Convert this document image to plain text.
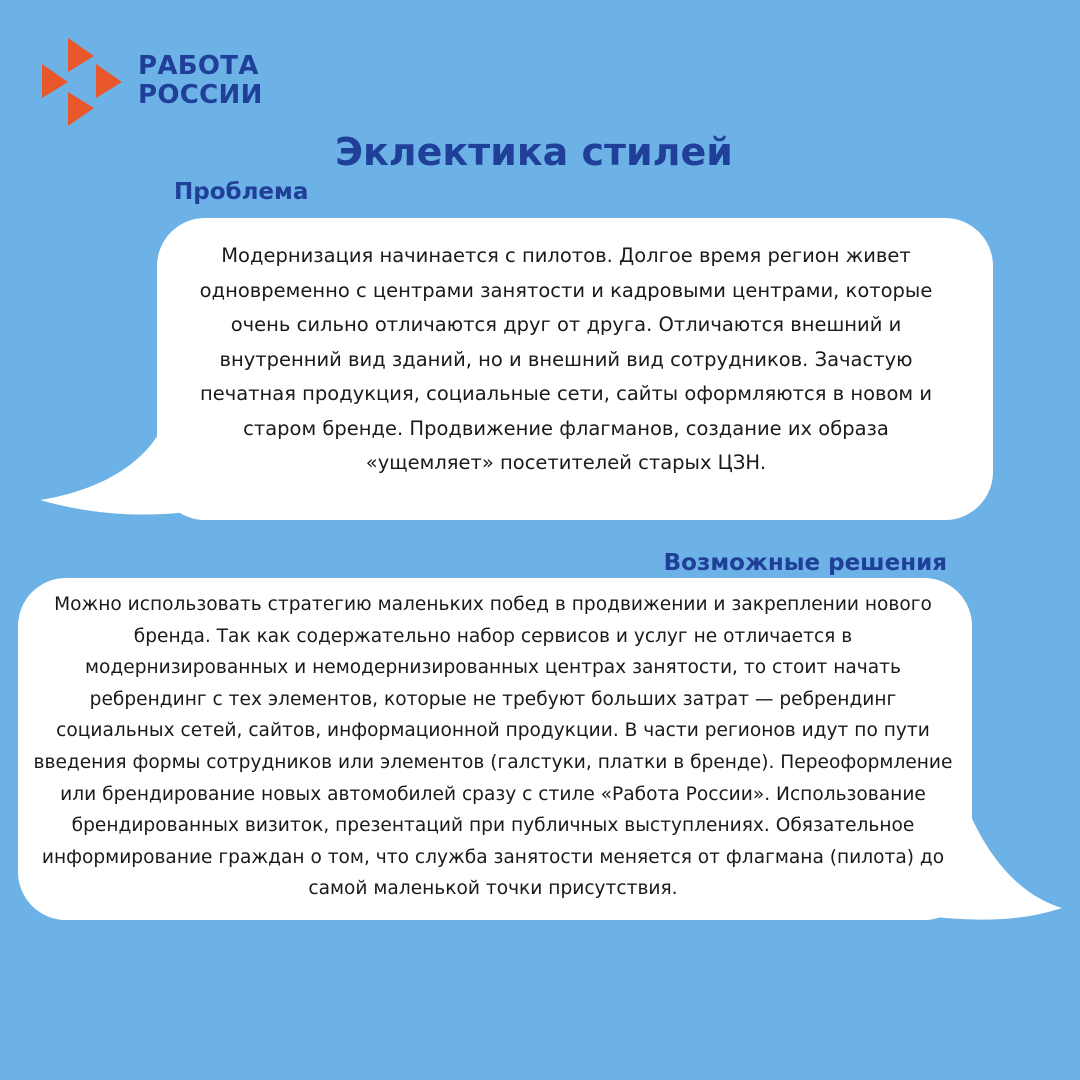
РАБОТА
РОССИИ
Эклектика стилей
Проблема

Модернизация начинается с пилотов. Долгое время регион живет одновременно с центрами занятости и кадровыми центрами, которые очень сильно отличаются друг от друга. Отличаются внешний и внутренний вид зданий, но и внешний вид сотрудников. Зачастую печатная продукция, социальные сети, сайты оформляются в новом и старом бренде. Продвижение флагманов, создание их образа «ущемляет» посетителей старых ЦЗН.

Возможные решения

Можно использовать стратегию маленьких побед в продвижении и закреплении нового бренда. Так как содержательно набор сервисов и услуг не отличается в модернизированных и немодернизированных центрах занятости, то стоит начать ребрендинг с тех элементов, которые не требуют больших затрат — ребрендинг социальных сетей, сайтов, информационной продукции. В части регионов идут по пути введения формы сотрудников или элементов (галстуки, платки в бренде). Переоформление или брендирование новых автомобилей сразу с стиле «Работа России». Использование брендированных визиток, презентаций при публичных выступлениях. Обязательное информирование граждан о том, что служба занятости меняется от флагмана (пилота) до самой маленькой точки присутствия.
